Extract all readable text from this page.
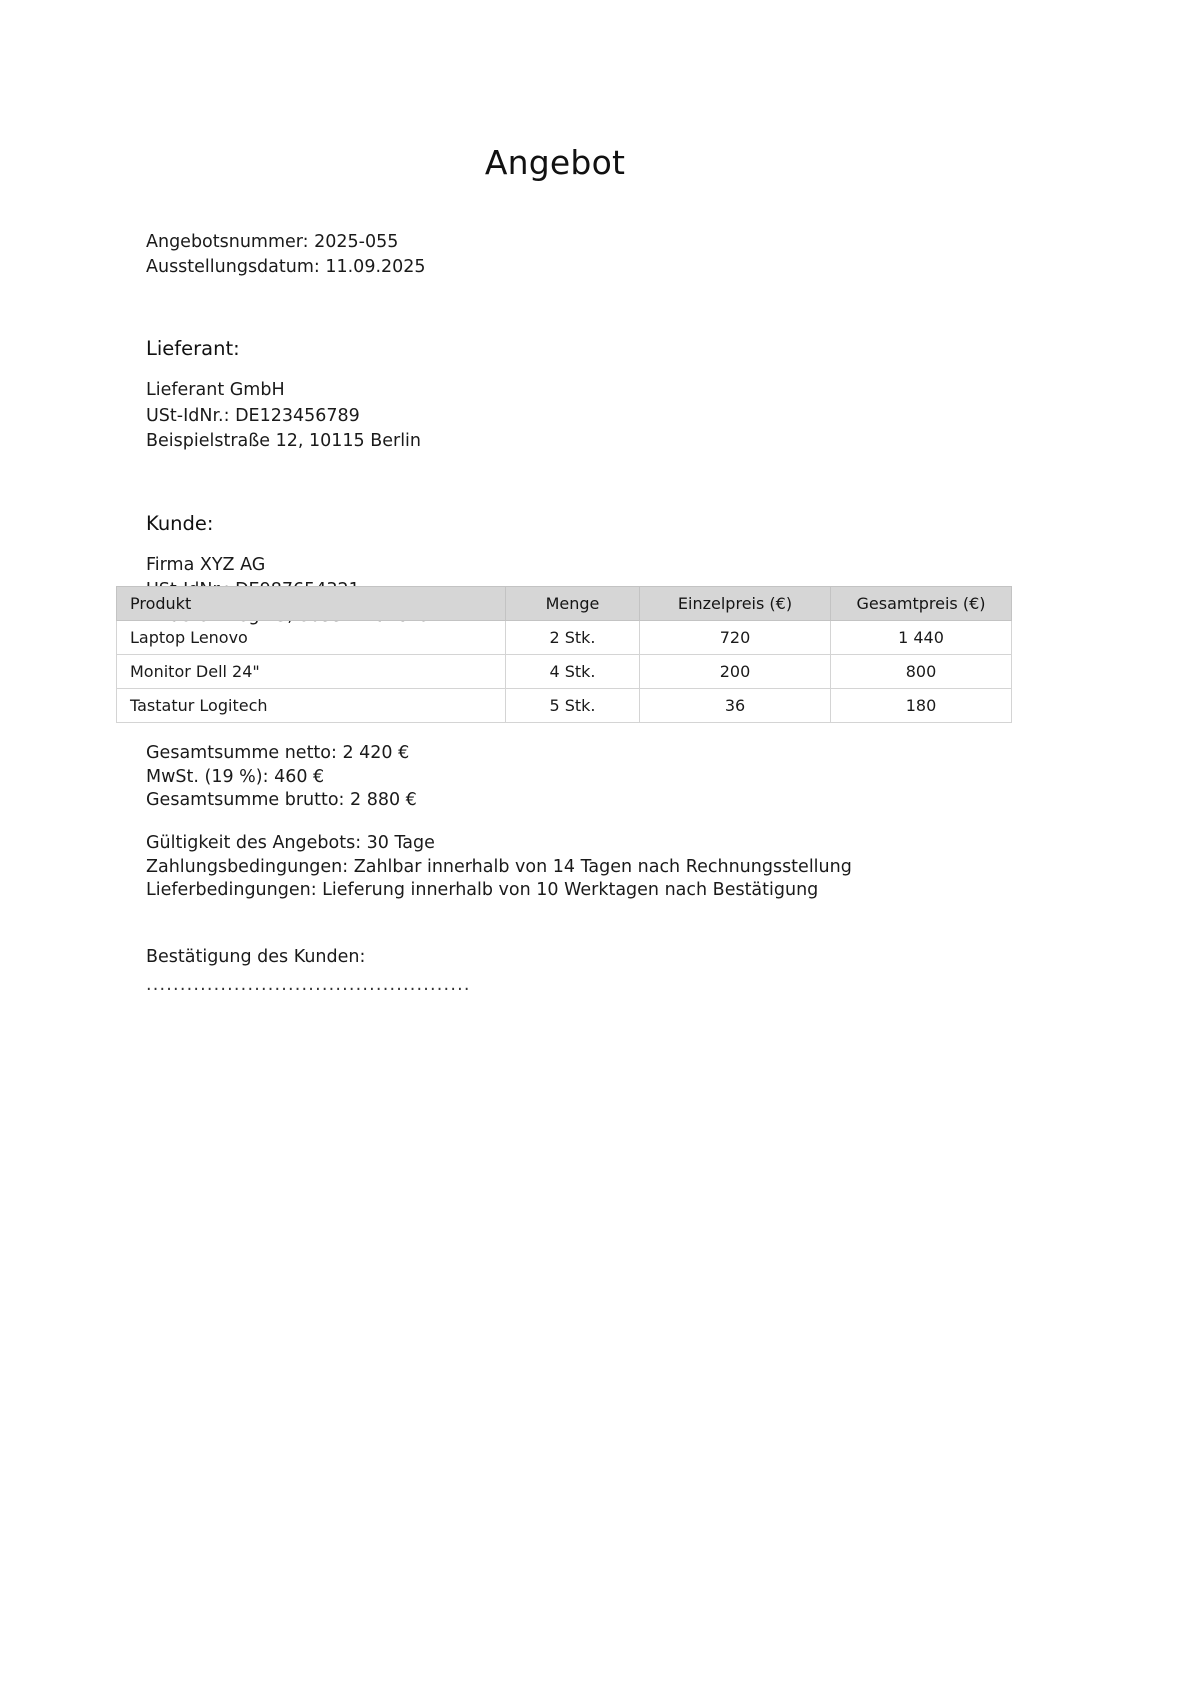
Angebot
Angebotsnummer: 2025-055
Ausstellungsdatum: 11.09.2025
Lieferant:
Lieferant GmbH
USt-IdNr.: DE123456789
Beispielstraße 12, 10115 Berlin
Kunde:
Firma XYZ AG
Produkt	Menge	Einzelpreis (€)	Gesamtpreis (€)
Laptop Lenovo	2 Stk.	720	1 440
Monitor Dell 24"	4 Stk.	200	800
Tastatur Logitech	5 Stk.	36	180
Gesamtsumme netto: 2 420 €
MwSt. (19 %): 460 €
Gesamtsumme brutto: 2 880 €
Gültigkeit des Angebots: 30 Tage
Zahlungsbedingungen: Zahlbar innerhalb von 14 Tagen nach Rechnungsstellung
Lieferbedingungen: Lieferung innerhalb von 10 Werktagen nach Bestätigung
Bestätigung des Kunden:
................................................
